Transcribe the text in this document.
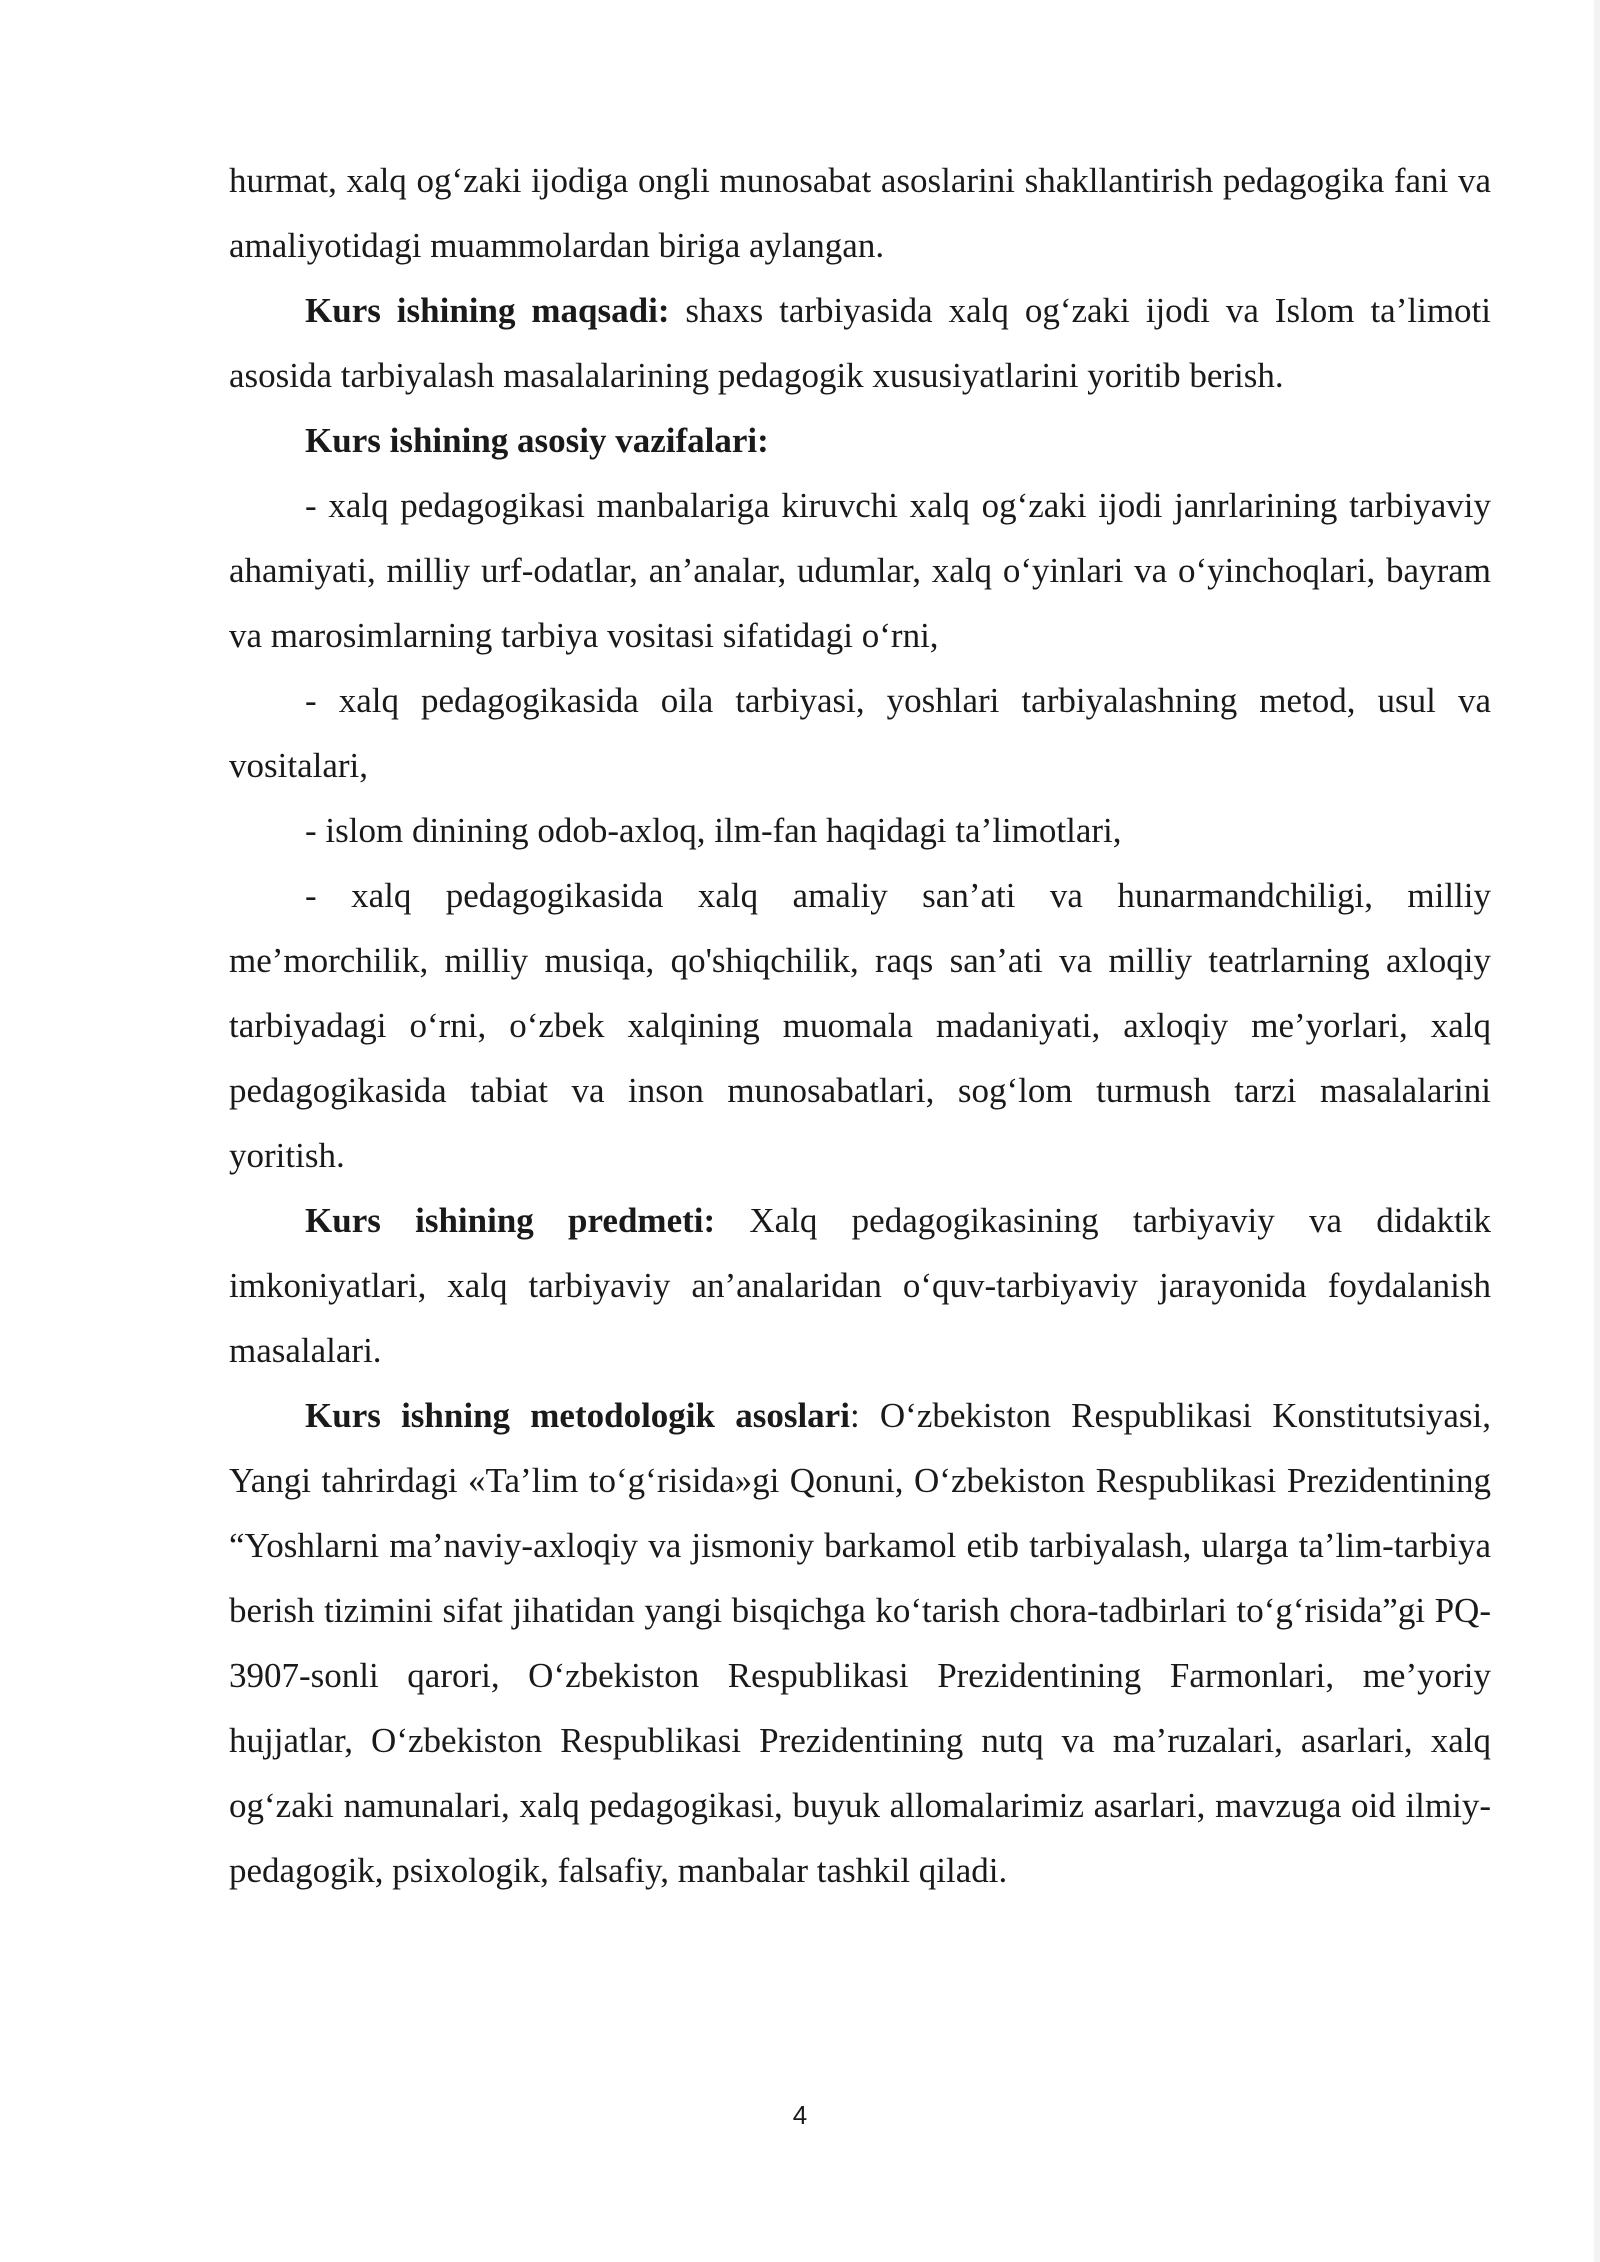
hurmat, xalq og‘zaki ijodiga ongli munosabat asoslarini shakllantirish pedagogika fani va amaliyotidagi muammolardan biriga aylangan.

Kurs ishining maqsadi: shaxs tarbiyasida xalq og‘zaki ijodi va Islom ta’limoti asosida tarbiyalash masalalarining pedagogik xususiyatlarini yoritib berish.

Kurs ishining asosiy vazifalari:

- xalq pedagogikasi manbalariga kiruvchi xalq og‘zaki ijodi janrlarining tarbiyaviy ahamiyati, milliy urf-odatlar, an’analar, udumlar, xalq o‘yinlari va o‘yinchoqlari, bayram va marosimlarning tarbiya vositasi sifatidagi o‘rni,

- xalq pedagogikasida oila tarbiyasi, yoshlari tarbiyalashning metod, usul va vositalari,

- islom dinining odob-axloq, ilm-fan haqidagi ta’limotlari,

- xalq pedagogikasida xalq amaliy san’ati va hunarmandchiligi, milliy me’morchilik, milliy musiqa, qo'shiqchilik, raqs san’ati va milliy teatrlarning axloqiy tarbiyadagi o‘rni, o‘zbek xalqining muomala madaniyati, axloqiy me’yorlari, xalq pedagogikasida tabiat va inson munosabatlari, sog‘lom turmush tarzi masalalarini yoritish.

Kurs ishining predmeti: Xalq pedagogikasining tarbiyaviy va didaktik imkoniyatlari, xalq tarbiyaviy an’analaridan o‘quv-tarbiyaviy jarayonida foydalanish masalalari.

Kurs ishning metodologik asoslari: O‘zbekiston Respublikasi Konstitutsiyasi, Yangi tahrirdagi «Ta’lim to‘g‘risida»gi Qonuni, O‘zbekiston Respublikasi Prezidentining “Yoshlarni ma’naviy-axloqiy va jismoniy barkamol etib tarbiyalash, ularga ta’lim-tarbiya berish tizimini sifat jihatidan yangi bisqichga ko‘tarish chora-tadbirlari to‘g‘risida”gi PQ-3907-sonli qarori, O‘zbekiston Respublikasi Prezidentining Farmonlari, me’yoriy hujjatlar, O‘zbekiston Respublikasi Prezidentining nutq va ma’ruzalari, asarlari, xalq og‘zaki namunalari, xalq pedagogikasi, buyuk allomalarimiz asarlari, mavzuga oid ilmiy-pedagogik, psixologik, falsafiy, manbalar tashkil qiladi.

4
